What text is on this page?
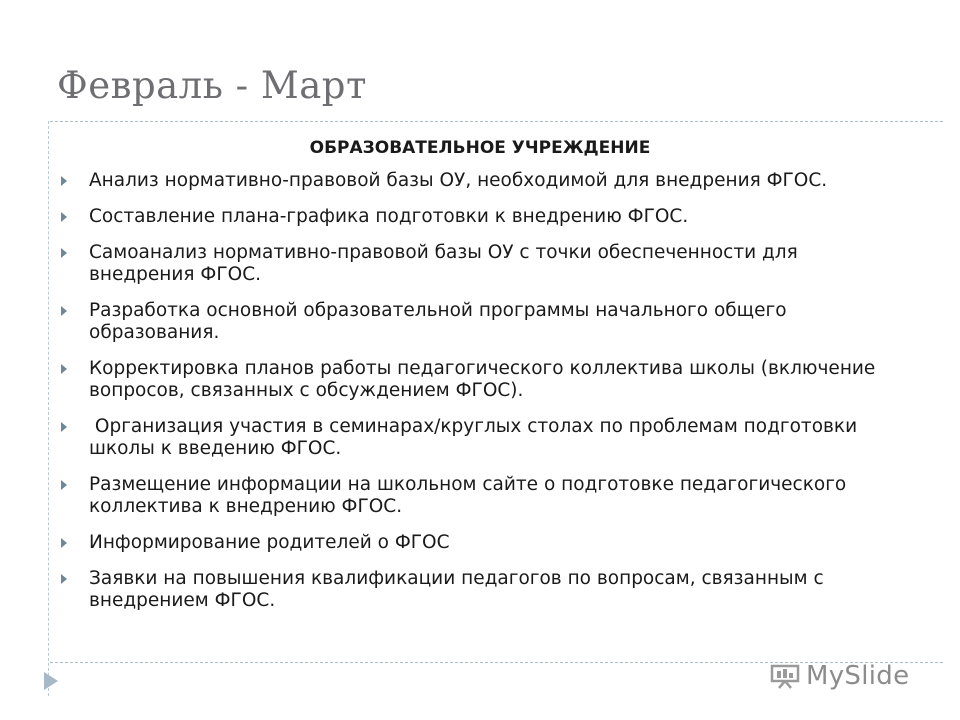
Февраль - Март
ОБРАЗОВАТЕЛЬНОЕ УЧРЕЖДЕНИЕ
Анализ нормативно-правовой базы ОУ, необходимой для внедрения ФГОС.
Составление плана-графика подготовки к внедрению ФГОС.
Самоанализ нормативно-правовой базы ОУ с точки обеспеченности для внедрения ФГОС.
Разработка основной образовательной программы начального общего образования.
Корректировка планов работы педагогического коллектива школы (включение вопросов, связанных с обсуждением ФГОС).
Организация участия в семинарах/круглых столах по проблемам подготовки школы к введению ФГОС.
Размещение информации на школьном сайте о подготовке педагогического коллектива к внедрению ФГОС.
Информирование родителей о ФГОС
Заявки на повышения квалификации педагогов по вопросам, связанным с внедрением ФГОС.
MySlide
